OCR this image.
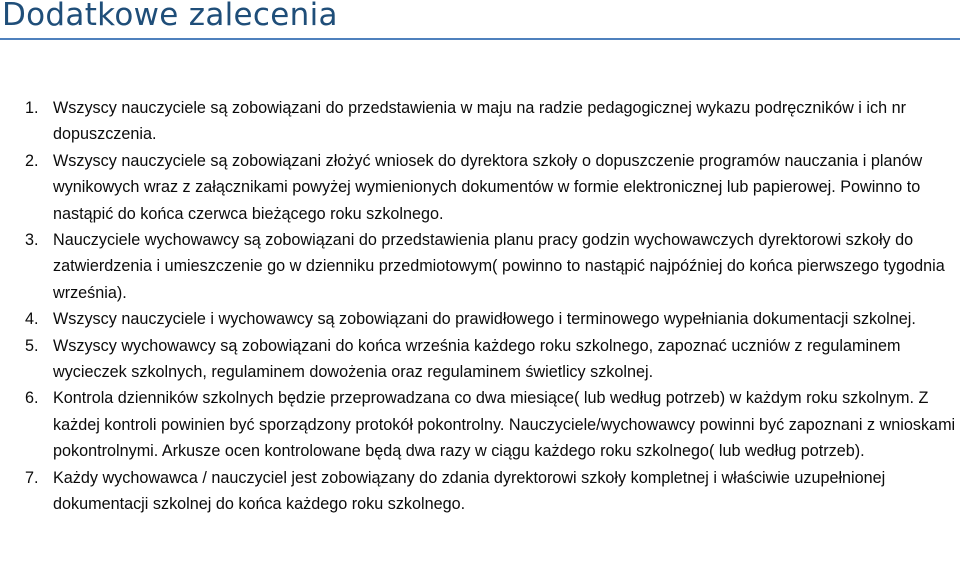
Dodatkowe zalecenia
1. Wszyscy nauczyciele są zobowiązani do przedstawienia w maju na radzie pedagogicznej wykazu podręczników i ich nr dopuszczenia.
2. Wszyscy nauczyciele są zobowiązani złożyć wniosek do dyrektora szkoły o dopuszczenie programów nauczania i planów wynikowych wraz z załącznikami powyżej wymienionych dokumentów w formie elektronicznej lub papierowej. Powinno to nastąpić do końca czerwca bieżącego roku szkolnego.
3. Nauczyciele wychowawcy są zobowiązani do przedstawienia planu pracy godzin wychowawczych dyrektorowi szkoły do zatwierdzenia i umieszczenie go w dzienniku przedmiotowym( powinno to nastąpić najpóźniej do końca pierwszego tygodnia września).
4. Wszyscy nauczyciele i wychowawcy są zobowiązani do prawidłowego i terminowego wypełniania dokumentacji szkolnej.
5. Wszyscy wychowawcy są zobowiązani do końca września każdego roku szkolnego, zapoznać uczniów z regulaminem wycieczek szkolnych, regulaminem dowożenia oraz regulaminem świetlicy szkolnej.
6. Kontrola dzienników szkolnych będzie przeprowadzana co dwa miesiące( lub według potrzeb) w każdym roku szkolnym. Z każdej kontroli powinien być sporządzony protokół pokontrolny. Nauczyciele/wychowawcy powinni być zapoznani z wnioskami pokontrolnymi. Arkusze ocen kontrolowane będą dwa razy w ciągu każdego roku szkolnego( lub według potrzeb).
7. Każdy wychowawca / nauczyciel jest zobowiązany do zdania dyrektorowi szkoły kompletnej i właściwie uzupełnionej dokumentacji szkolnej do końca każdego roku szkolnego.
